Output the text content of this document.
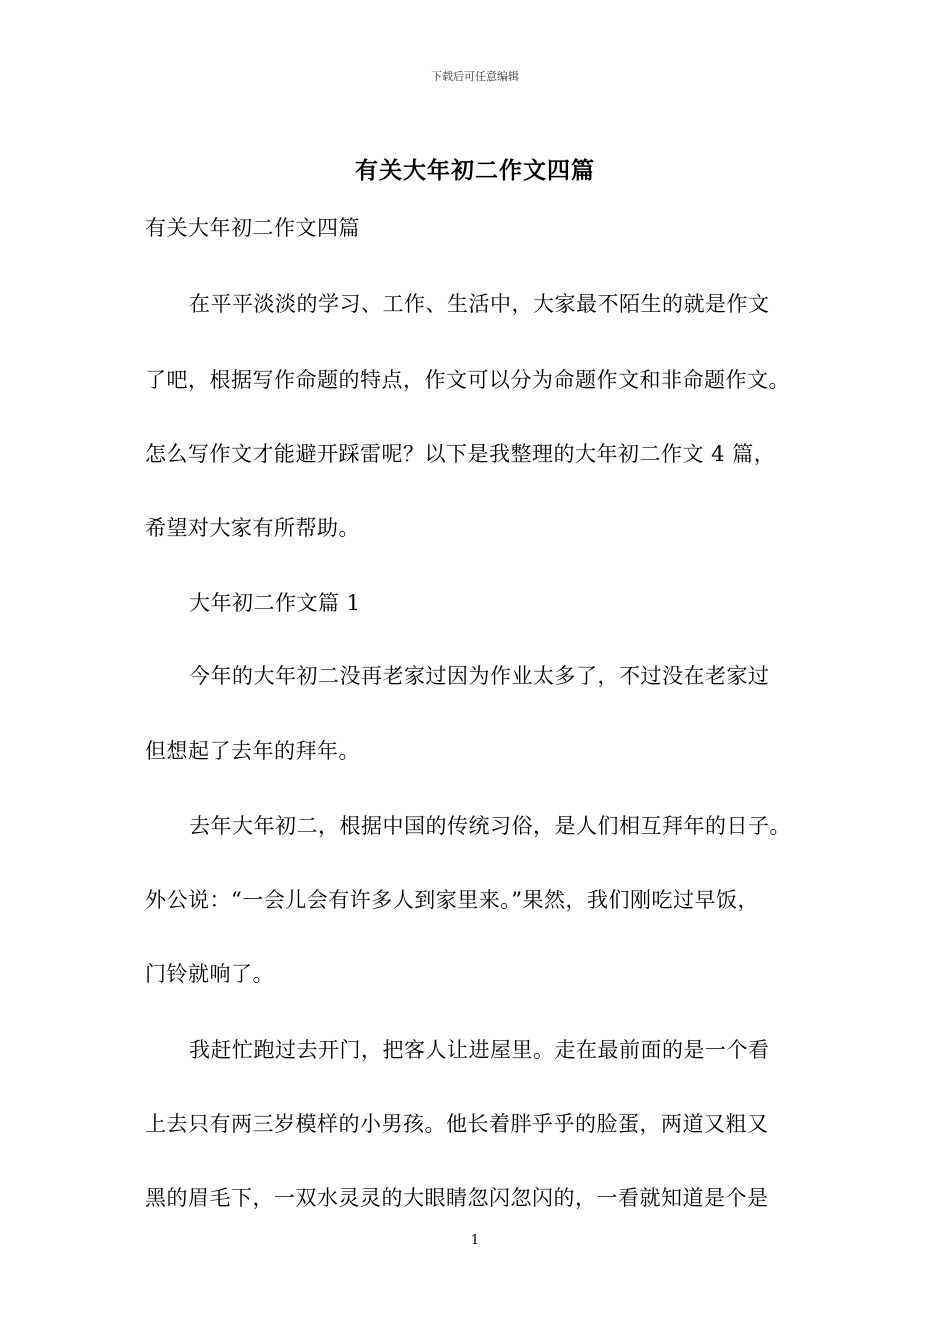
下载后可任意编辑
有关大年初二作文四篇
有关大年初二作文四篇
在平平淡淡的学习、工作、生活中，大家最不陌生的就是作文
了吧，根据写作命题的特点，作文可以分为命题作文和非命题作文。
怎么写作文才能避开踩雷呢？以下是我整理的大年初二作文 4 篇，
希望对大家有所帮助。
大年初二作文篇 1
今年的大年初二没再老家过因为作业太多了，不过没在老家过
但想起了去年的拜年。
去年大年初二，根据中国的传统习俗，是人们相互拜年的日子。
外公说：“一会儿会有许多人到家里来。”果然，我们刚吃过早饭，
门铃就响了。
我赶忙跑过去开门，把客人让进屋里。走在最前面的是一个看
上去只有两三岁模样的小男孩。他长着胖乎乎的脸蛋，两道又粗又
黑的眉毛下，一双水灵灵的大眼睛忽闪忽闪的，一看就知道是个是
1
